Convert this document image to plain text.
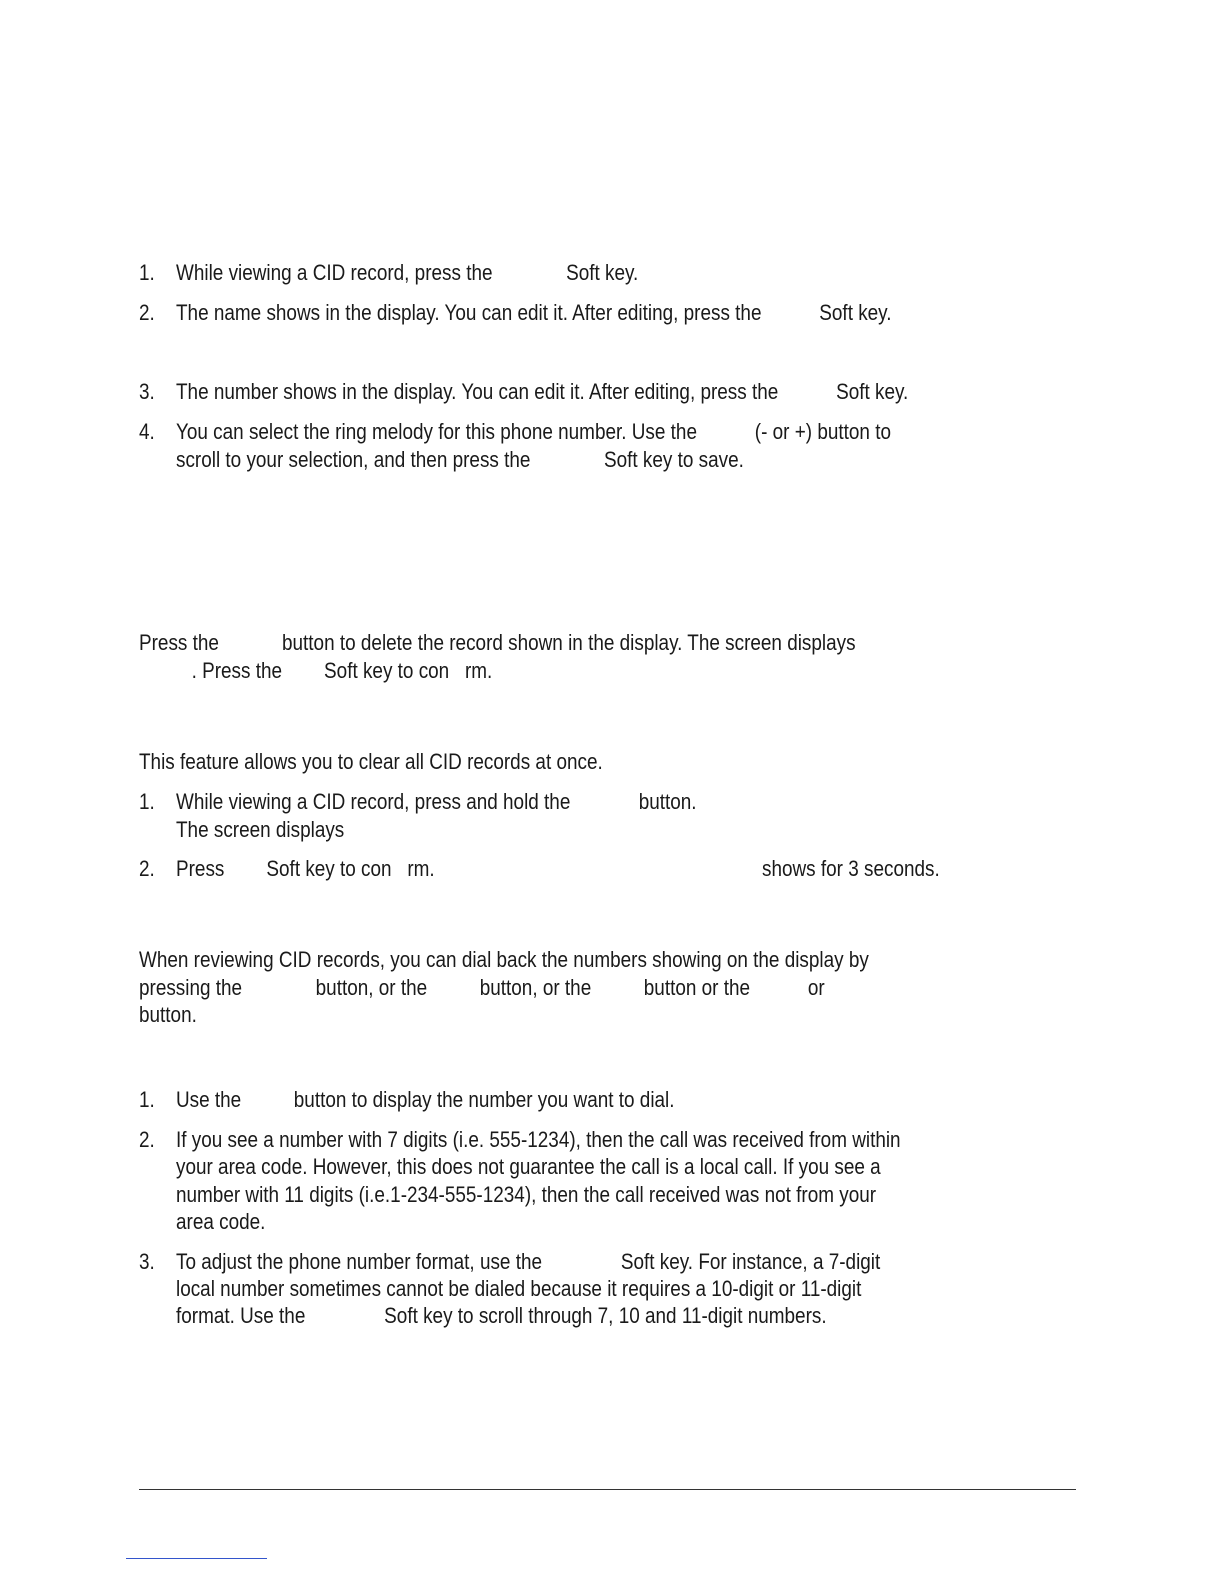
1. While viewing a CID record, press the              Soft key.
2. The name shows in the display. You can edit it. After editing, press the           Soft key.
3. The number shows in the display. You can edit it. After editing, press the           Soft key.
4. You can select the ring melody for this phone number. Use the           (- or +) button to
scroll to your selection, and then press the              Soft key to save.
Press the            button to delete the record shown in the display. The screen displays
. Press the        Soft key to con   rm.
This feature allows you to clear all CID records at once.
1. While viewing a CID record, press and hold the             button.
The screen displays
2. Press        Soft key to con   rm.	shows for 3 seconds.
When reviewing CID records, you can dial back the numbers showing on the display by
pressing the              button, or the          button, or the          button or the           or
button.
1. Use the          button to display the number you want to dial.
2. If you see a number with 7 digits (i.e. 555-1234), then the call was received from within
your area code. However, this does not guarantee the call is a local call. If you see a
number with 11 digits (i.e.1-234-555-1234), then the call received was not from your
area code.
3. To adjust the phone number format, use the               Soft key. For instance, a 7-digit
local number sometimes cannot be dialed because it requires a 10-digit or 11-digit
format. Use the               Soft key to scroll through 7, 10 and 11-digit numbers.
